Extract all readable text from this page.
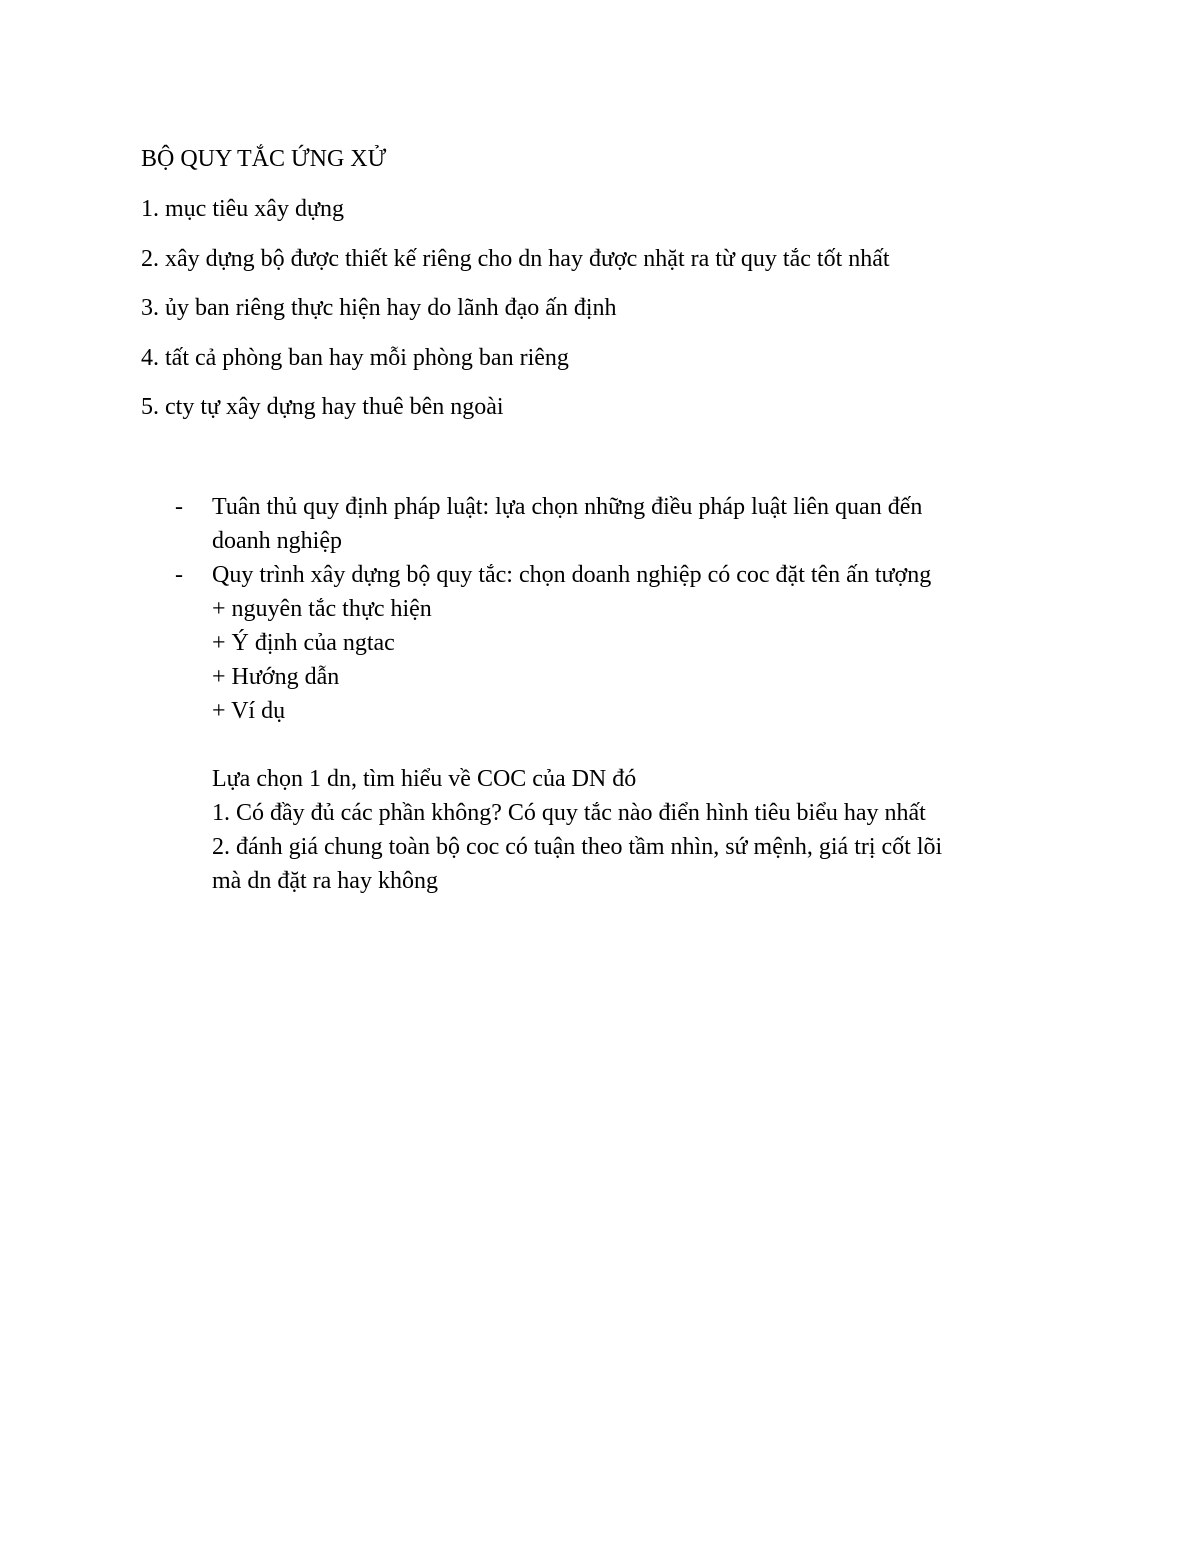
BỘ QUY TẮC ỨNG XỬ
1. mục tiêu xây dựng
2. xây dựng bộ được thiết kế riêng cho dn hay được nhặt ra từ quy tắc tốt nhất
3. ủy ban riêng thực hiện hay do lãnh đạo ấn định
4. tất cả phòng ban hay mỗi phòng ban riêng
5. cty tự xây dựng hay thuê bên ngoài
- Tuân thủ quy định pháp luật: lựa chọn những điều pháp luật liên quan đến
doanh nghiệp
- Quy trình xây dựng bộ quy tắc: chọn doanh nghiệp có coc đặt tên ấn tượng
+ nguyên tắc thực hiện
+ Ý định của ngtac
+ Hướng dẫn
+ Ví dụ
Lựa chọn 1 dn, tìm hiểu về COC của DN đó
1. Có đầy đủ các phần không? Có quy tắc nào điển hình tiêu biểu hay nhất
2. đánh giá chung toàn bộ coc có tuận theo tầm nhìn, sứ mệnh, giá trị cốt lõi
mà dn đặt ra hay không
